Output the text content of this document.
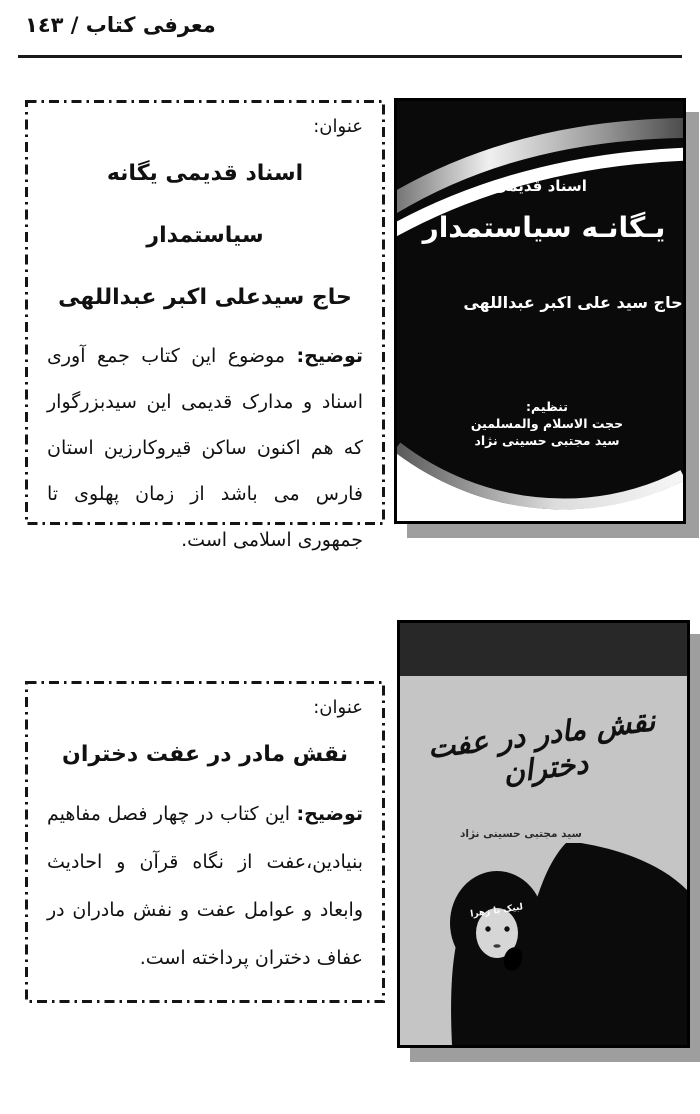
معرفی کتاب / ١٤٣
عنوان:
اسناد قدیمی یگانه سیاستمدار
حاج سیدعلی اکبر عبداللهی

توضیح: موضوع این کتاب جمع آوری اسناد و مدارک قدیمی این سیدبزرگوار که هم اکنون ساکن قیروکارزین استان فارس می باشد از زمان پهلوی تا جمهوری اسلامی است.

اسناد قدیمی
یـگانـه سیاستمدار
حاج سید علی اکبر عبداللهی
تنظیم:
حجت الاسلام والمسلمین
سید مجتبی حسینی نژاد
نقش مادر در عفت دختران
سید مجتبی حسینی نژاد
لبیک یا زهرا
عنوان:
نقش مادر در عفت دختران

توضیح: این کتاب در چهار فصل مفاهیم بنیادین،عفت از نگاه قرآن و احادیث وابعاد و عوامل عفت و نفش مادران در عفاف دختران پرداخته است.
